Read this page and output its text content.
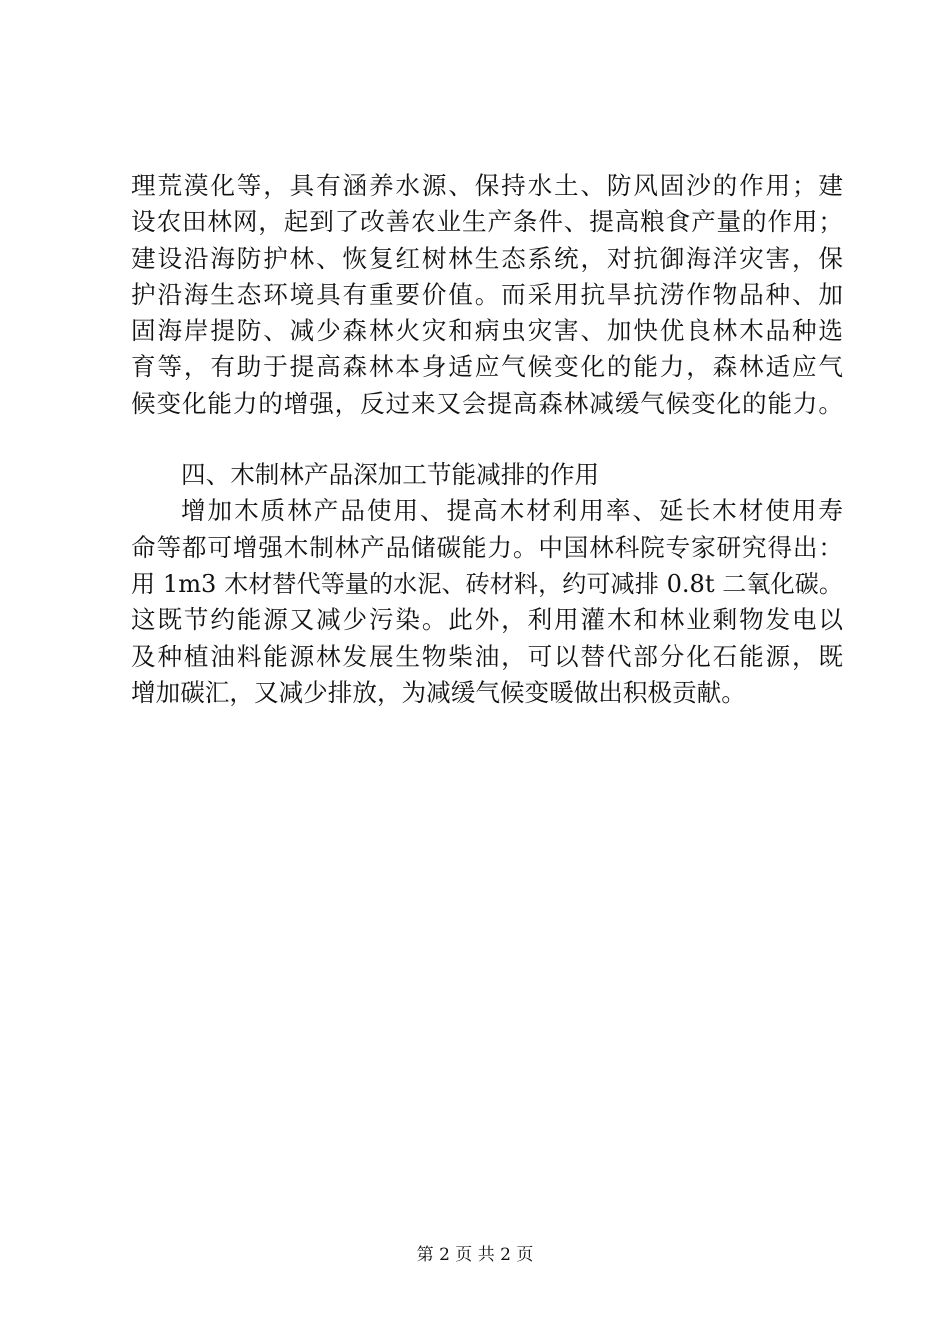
理荒漠化等，具有涵养水源、保持水土、防风固沙的作用；建
设农田林网，起到了改善农业生产条件、提高粮食产量的作用；
建设沿海防护林、恢复红树林生态系统，对抗御海洋灾害，保
护沿海生态环境具有重要价值。而采用抗旱抗涝作物品种、加
固海岸提防、减少森林火灾和病虫灾害、加快优良林木品种选
育等，有助于提高森林本身适应气候变化的能力，森林适应气
候变化能力的增强，反过来又会提高森林减缓气候变化的能力。
四、木制林产品深加工节能减排的作用
增加木质林产品使用、提高木材利用率、延长木材使用寿
命等都可增强木制林产品储碳能力。中国林科院专家研究得出：
用 1m3 木材替代等量的水泥、砖材料，约可减排 0.8t 二氧化碳。
这既节约能源又减少污染。此外，利用灌木和林业剩物发电以
及种植油料能源林发展生物柴油，可以替代部分化石能源，既
增加碳汇，又减少排放，为减缓气候变暖做出积极贡献。
第 2 页 共 2 页
